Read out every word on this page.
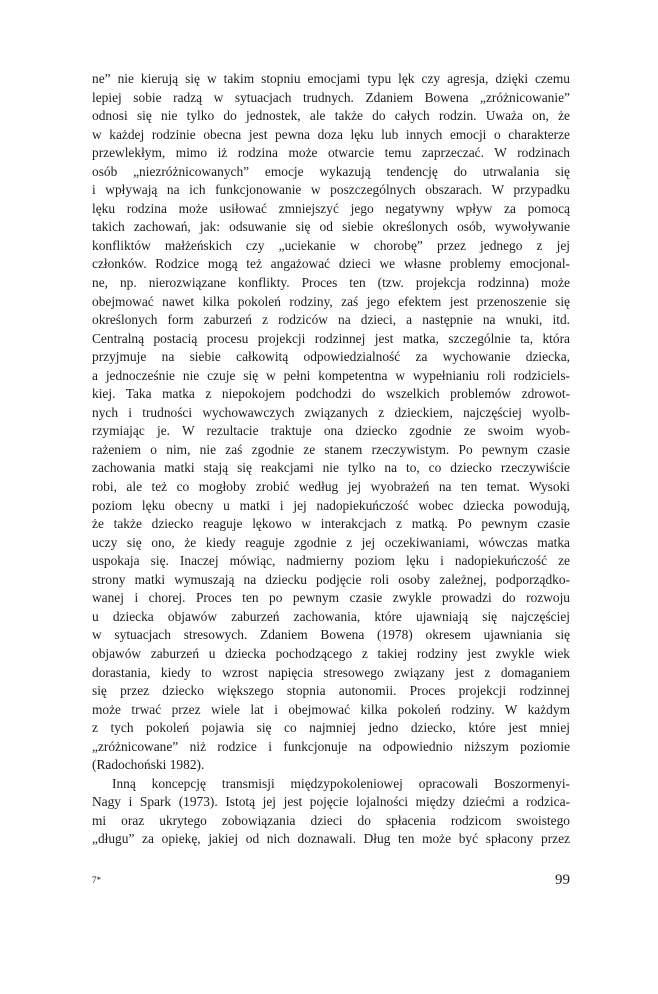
ne” nie kierują się w takim stopniu emocjami typu lęk czy agresja, dzięki czemu
lepiej sobie radzą w sytuacjach trudnych. Zdaniem Bowena „zróżnicowanie”
odnosi się nie tylko do jednostek, ale także do całych rodzin. Uważa on, że
w każdej rodzinie obecna jest pewna doza lęku lub innych emocji o charakterze
przewlekłym, mimo iż rodzina może otwarcie temu zaprzeczać. W rodzinach
osób „niezróżnicowanych” emocje wykazują tendencję do utrwalania się
i wpływają na ich funkcjonowanie w poszczególnych obszarach. W przypadku
lęku rodzina może usiłować zmniejszyć jego negatywny wpływ za pomocą
takich zachowań, jak: odsuwanie się od siebie określonych osób, wywoływanie
konfliktów małżeńskich czy „uciekanie w chorobę” przez jednego z jej
członków. Rodzice mogą też angażować dzieci we własne problemy emocjonal-
ne, np. nierozwiązane konflikty. Proces ten (tzw. projekcja rodzinna) może
obejmować nawet kilka pokoleń rodziny, zaś jego efektem jest przenoszenie się
określonych form zaburzeń z rodziców na dzieci, a następnie na wnuki, itd.
Centralną postacią procesu projekcji rodzinnej jest matka, szczególnie ta, która
przyjmuje na siebie całkowitą odpowiedzialność za wychowanie dziecka,
a jednocześnie nie czuje się w pełni kompetentna w wypełnianiu roli rodziciels-
kiej. Taka matka z niepokojem podchodzi do wszelkich problemów zdrowot-
nych i trudności wychowawczych związanych z dzieckiem, najczęściej wyolb-
rzymiając je. W rezultacie traktuje ona dziecko zgodnie ze swoim wyob-
rażeniem o nim, nie zaś zgodnie ze stanem rzeczywistym. Po pewnym czasie
zachowania matki stają się reakcjami nie tylko na to, co dziecko rzeczywiście
robi, ale też co mogłoby zrobić według jej wyobrażeń na ten temat. Wysoki
poziom lęku obecny u matki i jej nadopiekuńczość wobec dziecka powodują,
że także dziecko reaguje lękowo w interakcjach z matką. Po pewnym czasie
uczy się ono, że kiedy reaguje zgodnie z jej oczekiwaniami, wówczas matka
uspokaja się. Inaczej mówiąc, nadmierny poziom lęku i nadopiekuńczość ze
strony matki wymuszają na dziecku podjęcie roli osoby zależnej, podporządko-
wanej i chorej. Proces ten po pewnym czasie zwykle prowadzi do rozwoju
u dziecka objawów zaburzeń zachowania, które ujawniają się najczęściej
w sytuacjach stresowych. Zdaniem Bowena (1978) okresem ujawniania się
objawów zaburzeń u dziecka pochodzącego z takiej rodziny jest zwykle wiek
dorastania, kiedy to wzrost napięcia stresowego związany jest z domaganiem
się przez dziecko większego stopnia autonomii. Proces projekcji rodzinnej
może trwać przez wiele lat i obejmować kilka pokoleń rodziny. W każdym
z tych pokoleń pojawia się co najmniej jedno dziecko, które jest mniej
„zróżnicowane” niż rodzice i funkcjonuje na odpowiednio niższym poziomie
(Radochoński 1982).
Inną koncepcję transmisji międzypokoleniowej opracowali Boszormenyi-
Nagy i Spark (1973). Istotą jej jest pojęcie lojalności między dziećmi a rodzica-
mi oraz ukrytego zobowiązania dzieci do spłacenia rodzicom swoistego
„długu” za opiekę, jakiej od nich doznawali. Dług ten może być spłacony przez
7*	99
